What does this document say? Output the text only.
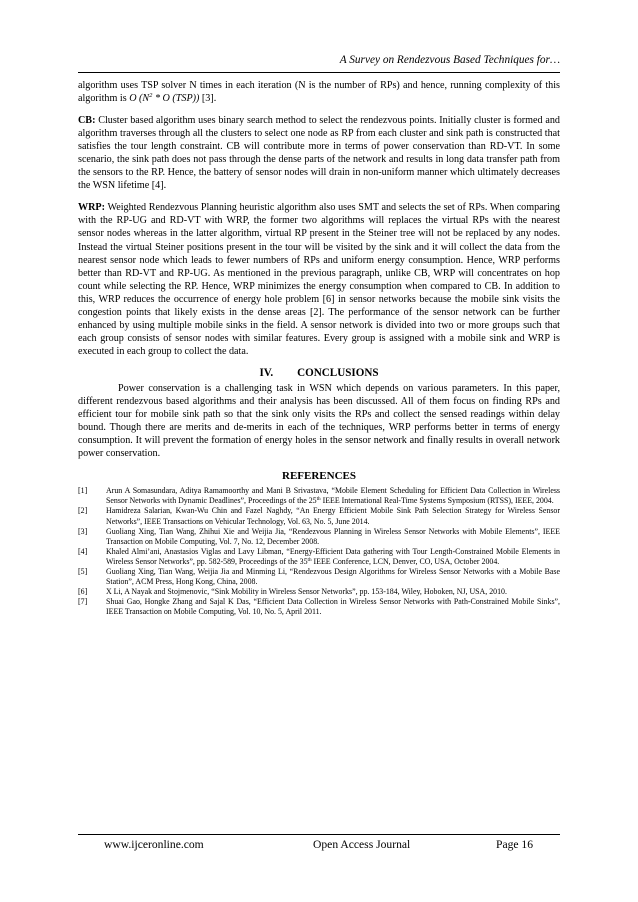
A Survey on Rendezvous Based Techniques for…

algorithm uses TSP solver N times in each iteration (N is the number of RPs) and hence, running complexity of this algorithm is O ($N^2$ * O (TSP)) [3].

CB: Cluster based algorithm uses binary search method to select the rendezvous points. Initially cluster is formed and algorithm traverses through all the clusters to select one node as RP from each cluster and sink path is constructed that satisfies the tour length constraint. CB will contribute more in terms of power conservation than RD-VT. In some scenario, the sink path does not pass through the dense parts of the network and results in long data transfer path from the sensors to the RP. Hence, the battery of sensor nodes will drain in non-uniform manner which ultimately decreases the WSN lifetime [4].

WRP: Weighted Rendezvous Planning heuristic algorithm also uses SMT and selects the set of RPs. When comparing with the RP-UG and RD-VT with WRP, the former two algorithms will replaces the virtual RPs with the nearest sensor nodes whereas in the latter algorithm, virtual RP present in the Steiner tree will not be replaced by any nodes. Instead the virtual Steiner positions present in the tour will be visited by the sink and it will collect the data from the nearest sensor node which leads to fewer numbers of RPs and uniform energy consumption. Hence, WRP performs better than RD-VT and RP-UG. As mentioned in the previous paragraph, unlike CB, WRP will concentrates on hop count while selecting the RP. Hence, WRP minimizes the energy consumption when compared to CB. In addition to this, WRP reduces the occurrence of energy hole problem [6] in sensor networks because the mobile sink visits the congestion points that likely exists in the dense areas [2]. The performance of the sensor network can be further enhanced by using multiple mobile sinks in the field. A sensor network is divided into two or more groups such that each group consists of sensor nodes with similar features. Every group is assigned with a mobile sink and WRP is executed in each group to collect the data.

IV. CONCLUSIONS

Power conservation is a challenging task in WSN which depends on various parameters. In this paper, different rendezvous based algorithms and their analysis has been discussed. All of them focus on finding RPs and efficient tour for mobile sink path so that the sink only visits the RPs and collect the sensed readings within delay bound. Though there are merits and de-merits in each of the techniques, WRP performs better in terms of energy consumption. It will prevent the formation of energy holes in the sensor network and finally results in overall network power conservation.

REFERENCES

[1] Arun A Somasundara, Aditya Ramamoorthy and Mani B Srivastava, “Mobile Element Scheduling for Efficient Data Collection in Wireless Sensor Networks with Dynamic Deadlines”, Proceedings of the 25th IEEE International Real-Time Systems Symposium (RTSS), IEEE, 2004.

[2] Hamidreza Salarian, Kwan-Wu Chin and Fazel Naghdy, “An Energy Efficient Mobile Sink Path Selection Strategy for Wireless Sensor Networks”, IEEE Transactions on Vehicular Technology, Vol. 63, No. 5, June 2014.

[3] Guoliang Xing, Tian Wang, Zhihui Xie and Weijia Jia, “Rendezvous Planning in Wireless Sensor Networks with Mobile Elements”, IEEE Transaction on Mobile Computing, Vol. 7, No. 12, December 2008.

[4] Khaled Almi’ani, Anastasios Viglas and Lavy Libman, “Energy-Efficient Data gathering with Tour Length-Constrained Mobile Elements in Wireless Sensor Networks”, pp. 582-589, Proceedings of the 35th IEEE Conference, LCN, Denver, CO, USA, October 2004.

[5] Guoliang Xing, Tian Wang, Weijia Jia and Minming Li, “Rendezvous Design Algorithms for Wireless Sensor Networks with a Mobile Base Station”, ACM Press, Hong Kong, China, 2008.

[6] X Li, A Nayak and Stojmenovic, “Sink Mobility in Wireless Sensor Networks”, pp. 153-184, Wiley, Hoboken, NJ, USA, 2010.

[7] Shuai Gao, Hongke Zhang and Sajal K Das, “Efficient Data Collection in Wireless Sensor Networks with Path-Constrained Mobile Sinks”, IEEE Transaction on Mobile Computing, Vol. 10, No. 5, April 2011.

www.ijceronline.com	Open Access Journal	Page 16
